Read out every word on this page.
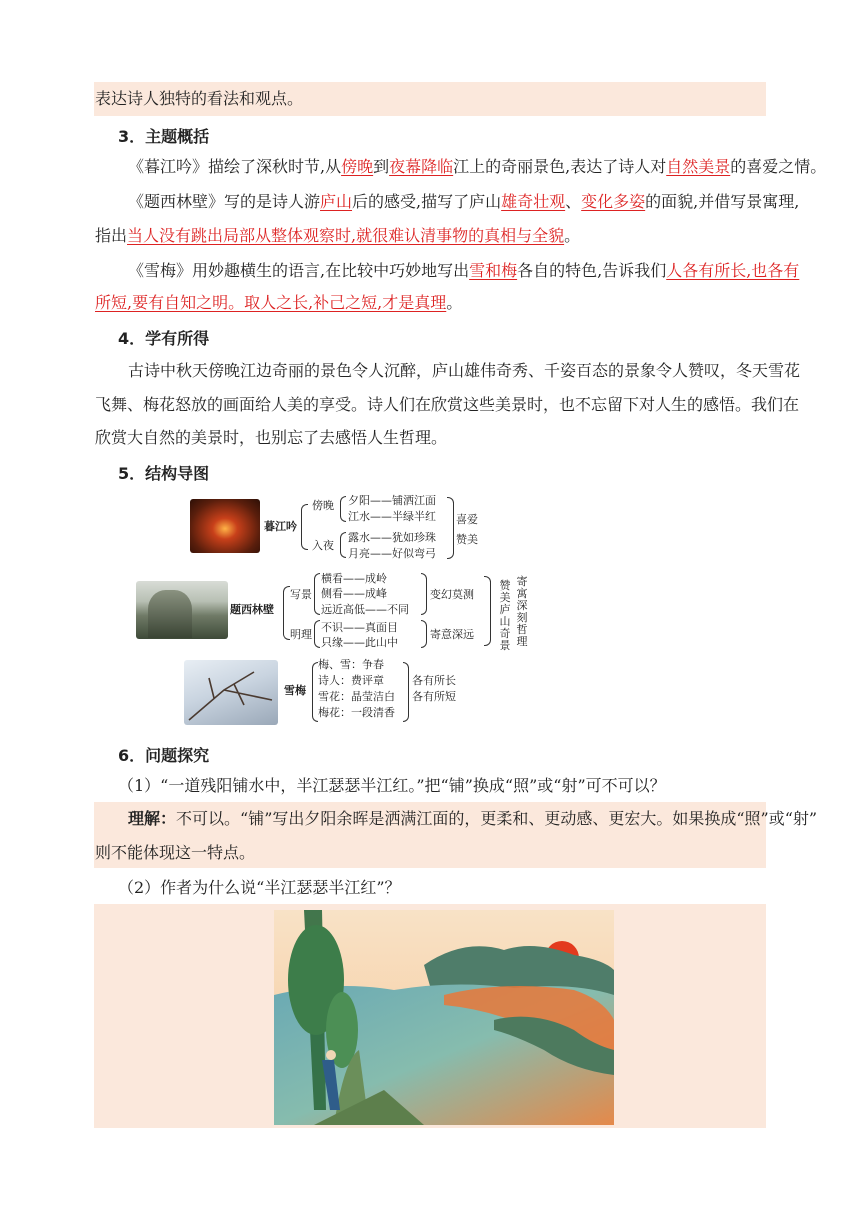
表达诗人独特的看法和观点。
3．主题概括
《暮江吟》描绘了深秋时节,从傍晚到夜幕降临江上的奇丽景色,表达了诗人对自然美景的喜爱之情。
《题西林壁》写的是诗人游庐山后的感受,描写了庐山雄奇壮观、变化多姿的面貌,并借写景寓理,
指出当人没有跳出局部从整体观察时,就很难认清事物的真相与全貌。
《雪梅》用妙趣横生的语言,在比较中巧妙地写出雪和梅各自的特色,告诉我们人各有所长,也各有
所短,要有自知之明。取人之长,补己之短,才是真理。
4．学有所得
古诗中秋天傍晚江边奇丽的景色令人沉醉，庐山雄伟奇秀、千姿百态的景象令人赞叹，冬天雪花
飞舞、梅花怒放的画面给人美的享受。诗人们在欣赏这些美景时，也不忘留下对人生的感悟。我们在
欣赏大自然的美景时，也别忘了去感悟人生哲理。
5．结构导图
暮江吟
傍晚
入夜
夕阳——铺洒江面
江水——半绿半红
露水——犹如珍珠
月亮——好似弯弓
喜爱
赞美
题西林壁
写景
明理
横看——成岭
侧看——成峰
远近高低——不同
不识——真面目
只缘——此山中
变幻莫测
寄意深远
赞美庐山奇景
寄寓深刻哲理
雪梅
梅、雪：争春
诗人：费评章
雪花：晶莹洁白
梅花：一段清香
各有所长
各有所短
6．问题探究
（1）“一道残阳铺水中，半江瑟瑟半江红。”把“铺”换成“照”或“射”可不可以？
理解：不可以。“铺”写出夕阳余晖是洒满江面的，更柔和、更动感、更宏大。如果换成“照”或“射”
则不能体现这一特点。
（2）作者为什么说“半江瑟瑟半江红”？
